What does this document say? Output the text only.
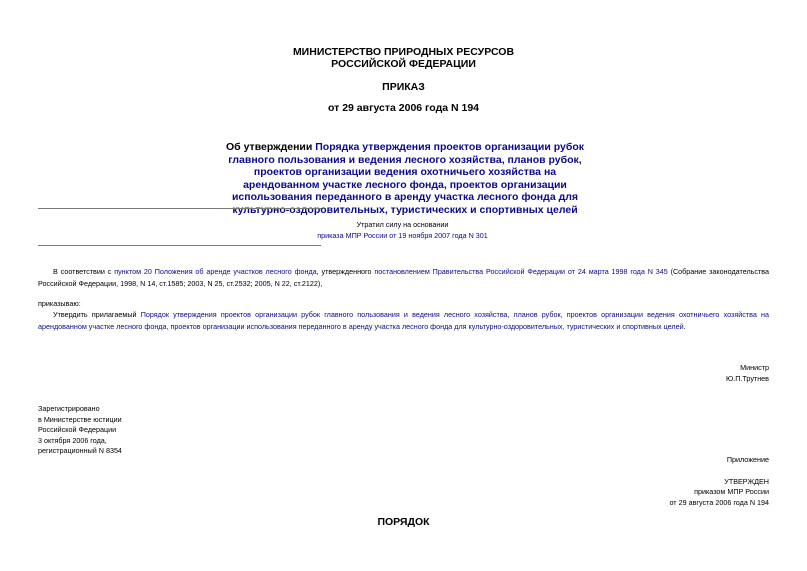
МИНИСТЕРСТВО ПРИРОДНЫХ РЕСУРСОВ
РОССИЙСКОЙ ФЕДЕРАЦИИ
ПРИКАЗ
от 29 августа 2006 года N 194
Об утверждении Порядка утверждения проектов организации рубок главного пользования и ведения лесного хозяйства, планов рубок, проектов организации ведения охотничьего хозяйства на арендованном участке лесного фонда, проектов организации использования переданного в аренду участка лесного фонда для культурно-оздоровительных, туристических и спортивных целей
Утратил силу на основании
приказа МПР России от 19 ноября 2007 года N 301
В соответствии с пунктом 20 Положения об аренде участков лесного фонда, утвержденного постановлением Правительства Российской Федерации от 24 марта 1998 года N 345 (Собрание законодательства Российской Федерации, 1998, N 14, ст.1585; 2003, N 25, ст.2532; 2005, N 22, ст.2122),
приказываю:
Утвердить прилагаемый Порядок утверждения проектов организации рубок главного пользования и ведения лесного хозяйства, планов рубок, проектов организации ведения охотничьего хозяйства на арендованном участке лесного фонда, проектов организации использования переданного в аренду участка лесного фонда для культурно-оздоровительных, туристических и спортивных целей.
Министр
Ю.П.Трутнев
Зарегистрировано
в Министерстве юстиции
Российской Федерации
3 октября 2006 года,
регистрационный N 8354
Приложение
УТВЕРЖДЕН
приказом МПР России
от 29 августа 2006 года N 194
ПОРЯДОК
